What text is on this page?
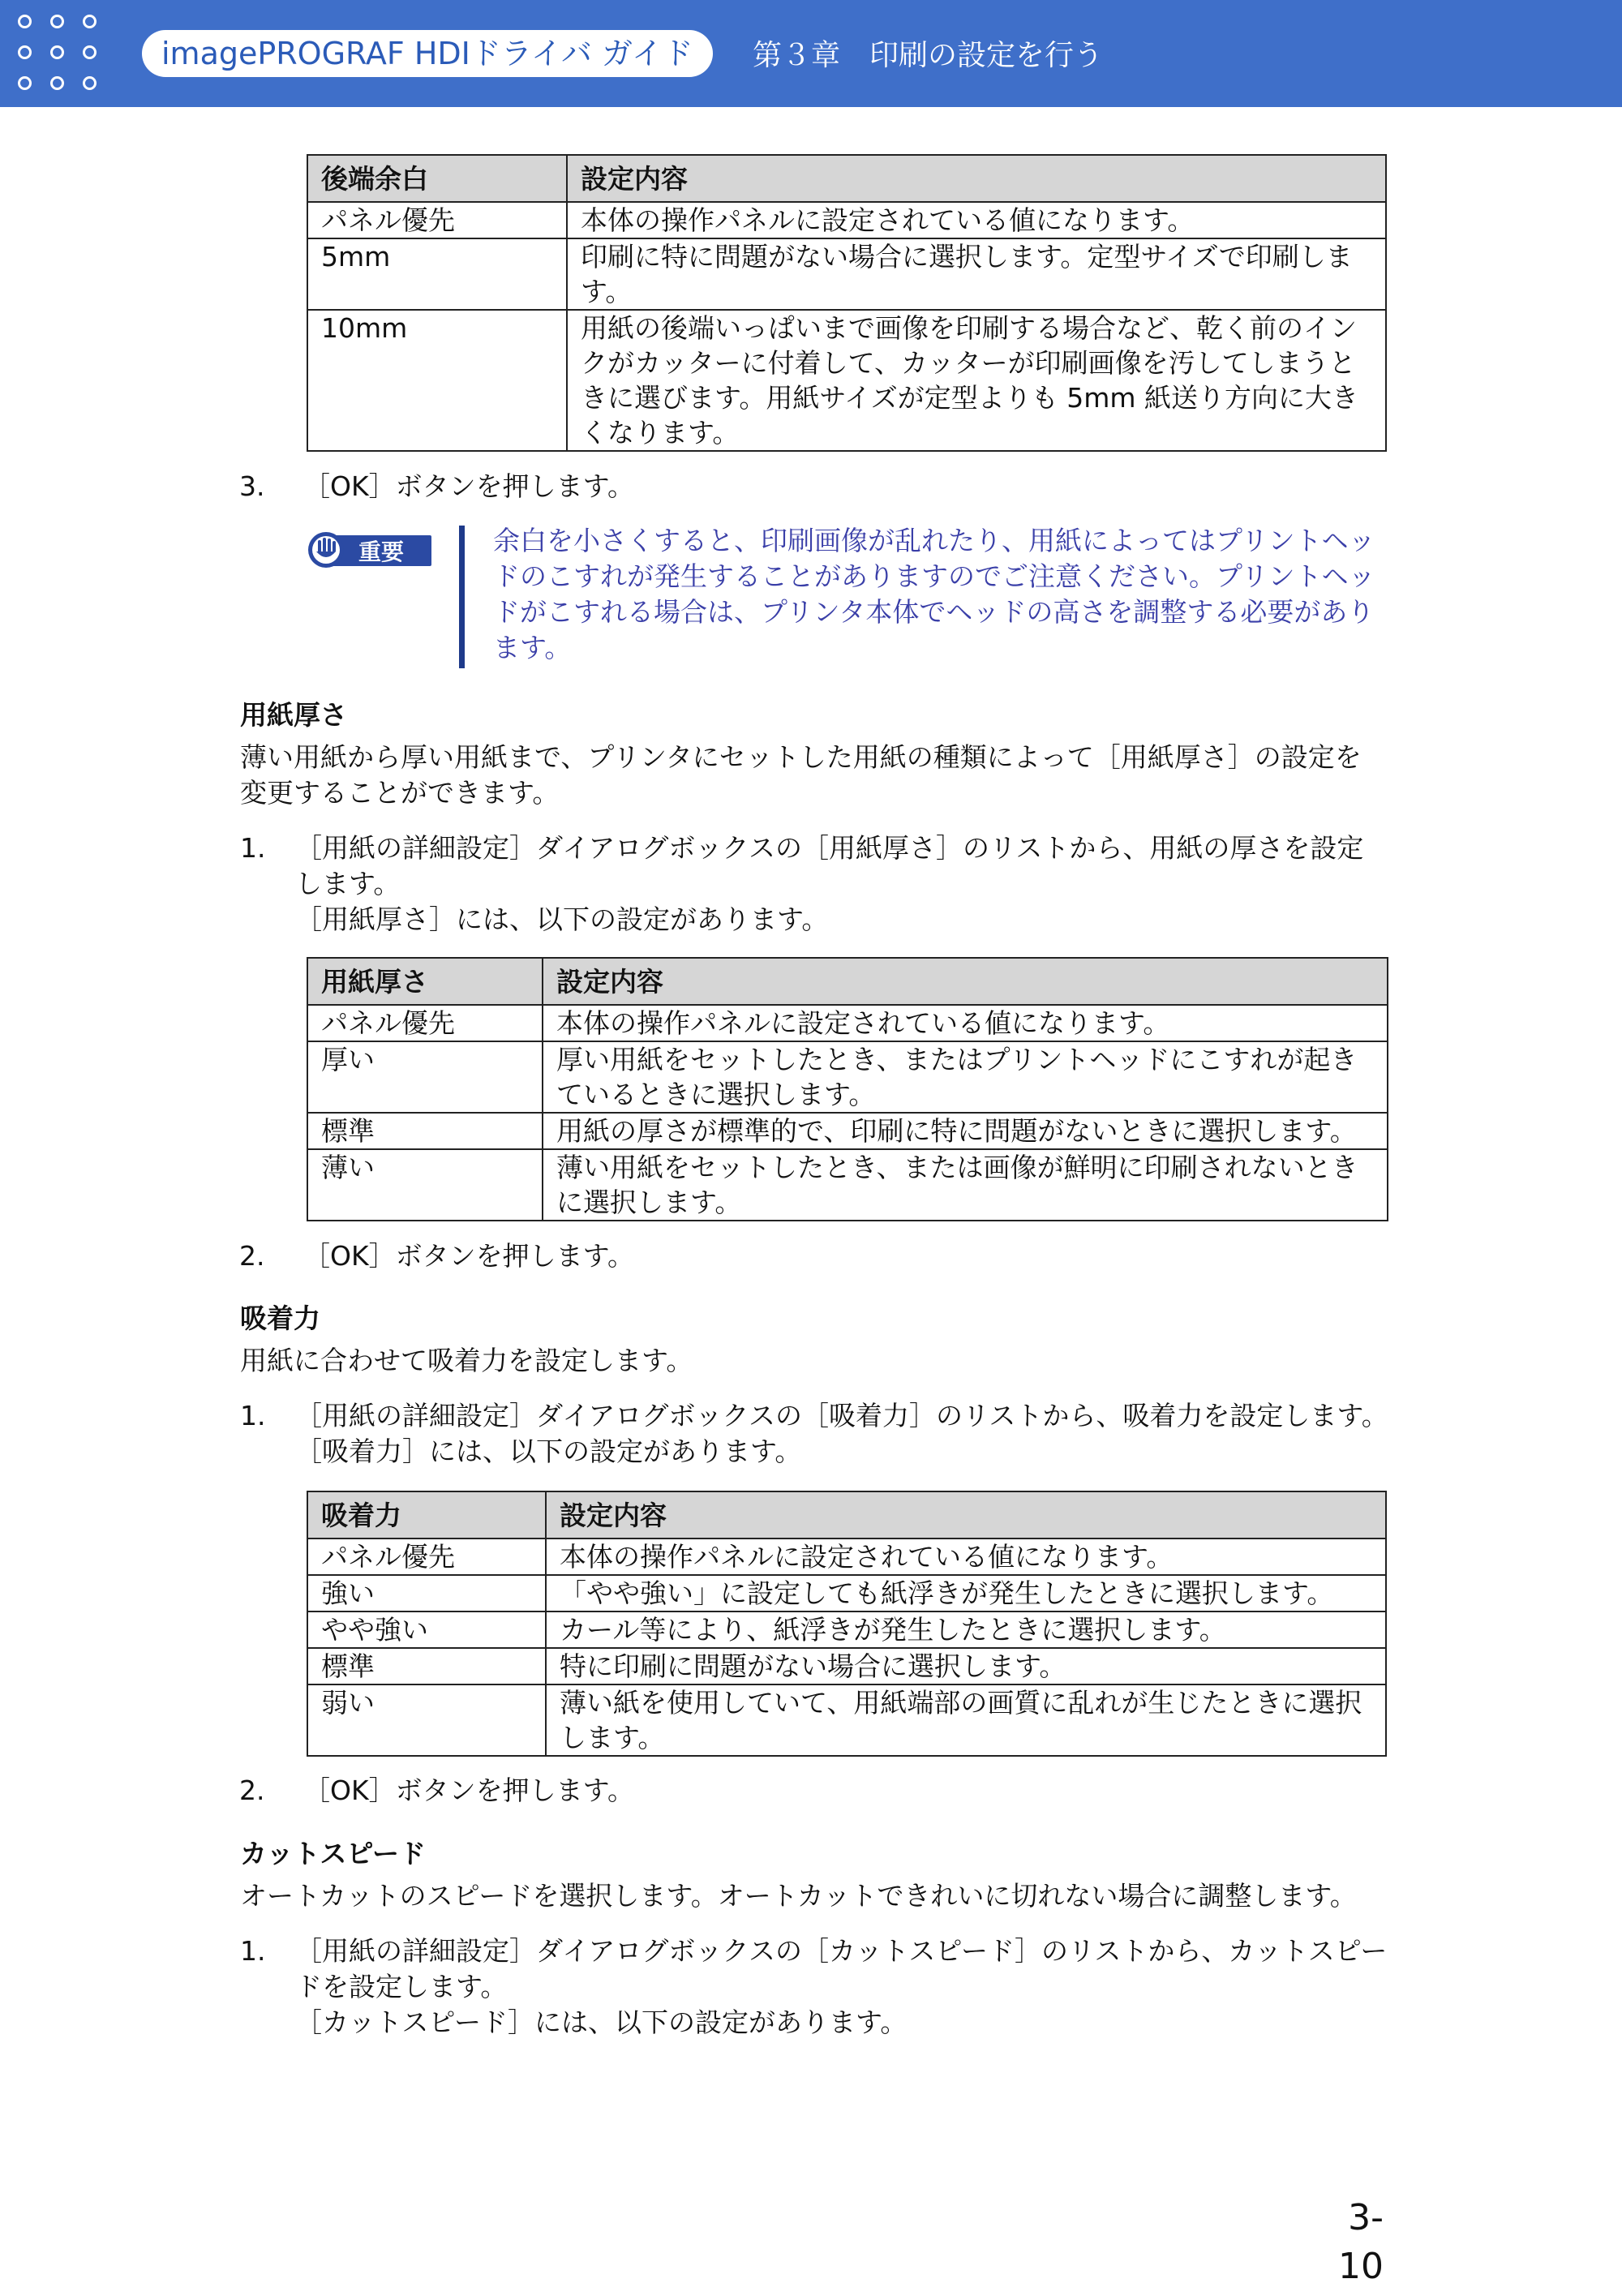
imagePROGRAF HDIドライバ ガイド	第３章　印刷の設定を行う
後端余白	設定内容
パネル優先	本体の操作パネルに設定されている値になります。
5mm	印刷に特に問題がない場合に選択します。定型サイズで印刷します。
10mm	用紙の後端いっぱいまで画像を印刷する場合など、乾く前のインクがカッターに付着して、カッターが印刷画像を汚してしまうときに選びます。用紙サイズが定型よりも 5mm 紙送り方向に大きくなります。
3. ［OK］ボタンを押します。
重要	余白を小さくすると、印刷画像が乱れたり、用紙によってはプリントヘッドのこすれが発生することがありますのでご注意ください。プリントヘッドがこすれる場合は、プリンタ本体でヘッドの高さを調整する必要があります。
用紙厚さ
薄い用紙から厚い用紙まで、プリンタにセットした用紙の種類によって［用紙厚さ］の設定を変更することができます。
1. ［用紙の詳細設定］ダイアログボックスの［用紙厚さ］のリストから、用紙の厚さを設定します。
［用紙厚さ］には、以下の設定があります。
用紙厚さ	設定内容
パネル優先	本体の操作パネルに設定されている値になります。
厚い	厚い用紙をセットしたとき、またはプリントヘッドにこすれが起きているときに選択します。
標準	用紙の厚さが標準的で、印刷に特に問題がないときに選択します。
薄い	薄い用紙をセットしたとき、または画像が鮮明に印刷されないときに選択します。
2. ［OK］ボタンを押します。
吸着力
用紙に合わせて吸着力を設定します。
1. ［用紙の詳細設定］ダイアログボックスの［吸着力］のリストから、吸着力を設定します。
［吸着力］には、以下の設定があります。
吸着力	設定内容
パネル優先	本体の操作パネルに設定されている値になります。
強い	「やや強い」に設定しても紙浮きが発生したときに選択します。
やや強い	カール等により、紙浮きが発生したときに選択します。
標準	特に印刷に問題がない場合に選択します。
弱い	薄い紙を使用していて、用紙端部の画質に乱れが生じたときに選択します。
2. ［OK］ボタンを押します。
カットスピード
オートカットのスピードを選択します。オートカットできれいに切れない場合に調整します。
1. ［用紙の詳細設定］ダイアログボックスの［カットスピード］のリストから、カットスピードを設定します。
［カットスピード］には、以下の設定があります。
3-10
